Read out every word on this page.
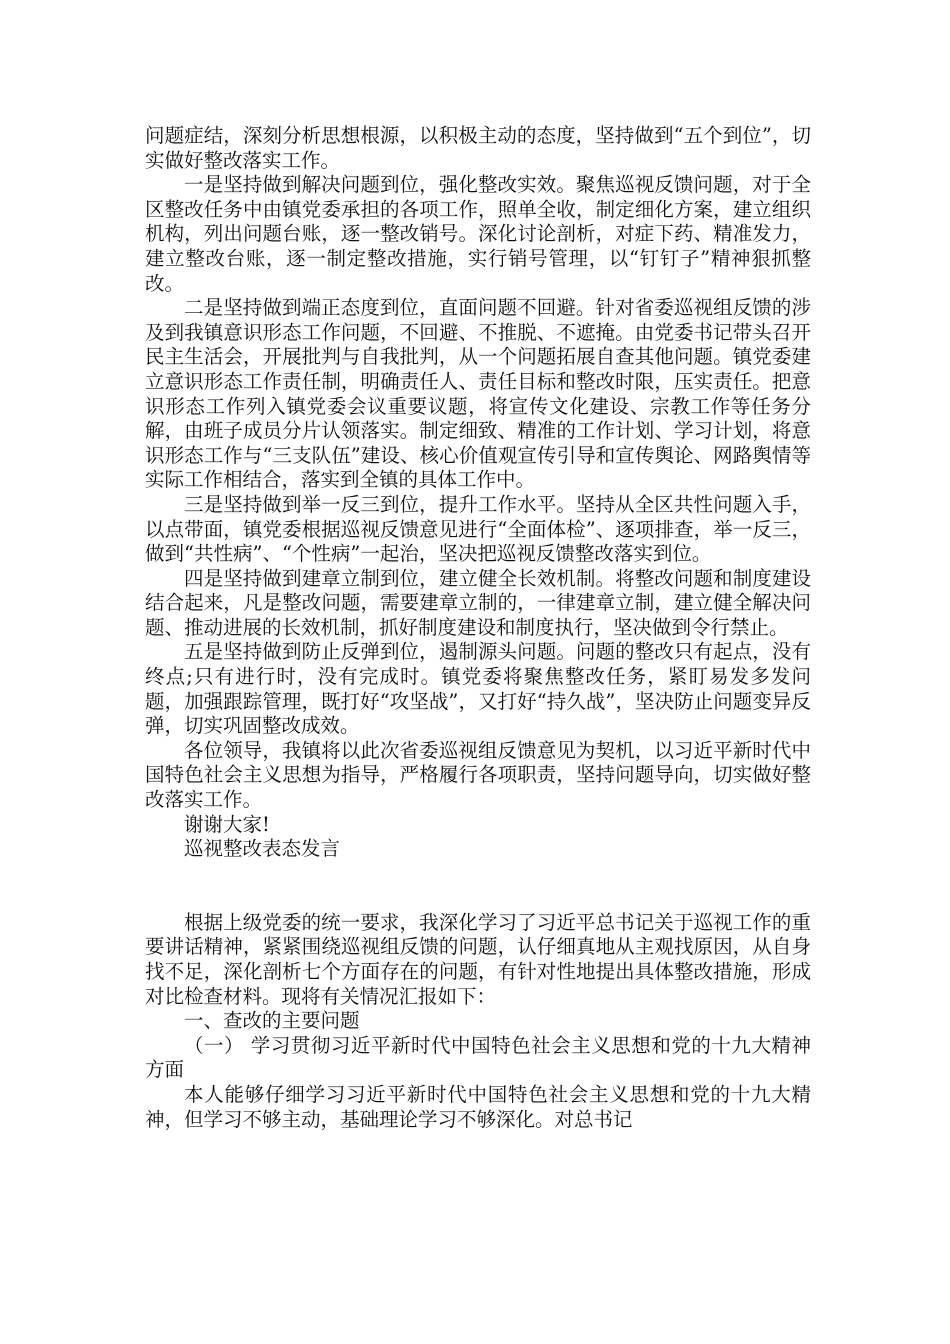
问题症结，深刻分析思想根源，以积极主动的态度，坚持做到“五个到位”，切实做好整改落实工作。

一是坚持做到解决问题到位，强化整改实效。聚焦巡视反馈问题，对于全区整改任务中由镇党委承担的各项工作，照单全收，制定细化方案，建立组织机构，列出问题台账，逐一整改销号。深化讨论剖析，对症下药、精准发力，建立整改台账，逐一制定整改措施，实行销号管理，以“钉钉子”精神狠抓整改。

二是坚持做到端正态度到位，直面问题不回避。针对省委巡视组反馈的涉及到我镇意识形态工作问题，不回避、不推脱、不遮掩。由党委书记带头召开民主生活会，开展批判与自我批判，从一个问题拓展自查其他问题。镇党委建立意识形态工作责任制，明确责任人、责任目标和整改时限，压实责任。把意识形态工作列入镇党委会议重要议题，将宣传文化建设、宗教工作等任务分解，由班子成员分片认领落实。制定细致、精准的工作计划、学习计划，将意识形态工作与“三支队伍”建设、核心价值观宣传引导和宣传舆论、网路舆情等实际工作相结合，落实到全镇的具体工作中。

三是坚持做到举一反三到位，提升工作水平。坚持从全区共性问题入手，以点带面，镇党委根据巡视反馈意见进行“全面体检”、逐项排查，举一反三，做到“共性病”、“个性病”一起治，坚决把巡视反馈整改落实到位。

四是坚持做到建章立制到位，建立健全长效机制。将整改问题和制度建设结合起来，凡是整改问题，需要建章立制的，一律建章立制，建立健全解决问题、推动进展的长效机制，抓好制度建设和制度执行，坚决做到令行禁止。

五是坚持做到防止反弹到位，遏制源头问题。问题的整改只有起点，没有终点;只有进行时，没有完成时。镇党委将聚焦整改任务，紧盯易发多发问题，加强跟踪管理，既打好“攻坚战”，又打好“持久战”，坚决防止问题变异反弹，切实巩固整改成效。

各位领导，我镇将以此次省委巡视组反馈意见为契机，以习近平新时代中国特色社会主义思想为指导，严格履行各项职责，坚持问题导向，切实做好整改落实工作。

谢谢大家!

巡视整改表态发言

根据上级党委的统一要求，我深化学习了习近平总书记关于巡视工作的重要讲话精神，紧紧围绕巡视组反馈的问题，认仔细真地从主观找原因，从自身找不足，深化剖析七个方面存在的问题，有针对性地提出具体整改措施，形成对比检查材料。现将有关情况汇报如下：

一、查改的主要问题

（一） 学习贯彻习近平新时代中国特色社会主义思想和党的十九大精神方面

本人能够仔细学习习近平新时代中国特色社会主义思想和党的十九大精神，但学习不够主动，基础理论学习不够深化。对总书记
